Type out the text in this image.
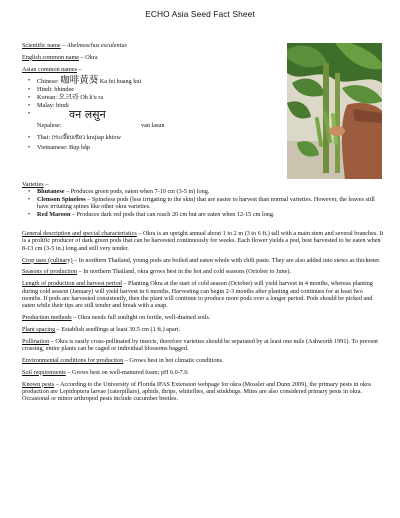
ECHO Asia Seed Fact Sheet
Scientific name – Abelmoschus esculentus
English common name – Okra
Asian common names –
• Chinese: 咖啡黄葵 Ka fei huang kui
• Hindi: bhindee
• Korean: 오크라 Oh k'u ra
• Malay: bindi
• Nepalese:
वन लसुन
van lasun
• Thai: กระเจี๊ยบเขียว krajiap khiow
• Vietnamese: Bụp bắp
Varieties –
• Bhutanese – Produces green pods, eaten when 7-10 cm (3-5 in) long.
• Clemson Spineless – Spineless pods (less irrigating to the skin) that are easier to harvest than normal varieties. However, the leaves still have irritating spines like other okra varieties.
• Red Maroon – Produces dark red pods that can reach 20 cm but are eaten when 12-15 cm long.
General description and special characteristics – Okra is an upright annual about 1 to 2 m (3 to 6 ft.) tall with a main stem and several branches. It is a prolific producer of dark green pods that can be harvested continuously for weeks. Each flower yields a pod, best harvested to be eaten when 8-13 cm (3-5 in.) long and still very tender.
Crop uses (culinary) – In northern Thailand, young pods are boiled and eaten whole with chili paste. They are also added into stews as thickener.
Seasons of production – In northern Thailand, okra grows best in the hot and cold seasons (October to June).
Length of production and harvest period – Planting Okra at the start of cold season (October) will yield harvest in 4 months, whereas planting during cold season (January) will yield harvest in 6 months. Harvesting can begin 2-3 months after planting and continues for at least two months. If pods are harvested consistently, then the plant will continue to produce more pods over a longer period. Pods should be picked and eaten while their tips are still tender and break with a snap.
Production methods – Okra needs full sunlight on fertile, well-drained soils.
Plant spacing – Establish seedlings at least 30.5 cm (1 ft.) apart.
Pollination – Okra is easily cross-pollinated by insects, therefore varieties should be separated by at least one mile (Ashworth 1991). To prevent crossing, entire plants can be caged or individual blossoms bagged.
Environmental conditions for production – Grows best in hot climatic conditions.
Soil requirements – Grows best on well-manured loam; pH 6.0-7.0.
Known pests – According to the University of Florida IFAS Extension webpage for okra (Mossler and Dunn 2009), the primary pests in okra production are Lepidoptera larvae (caterpillars), aphids, thrips, whiteflies, and stinkbugs. Mites are also considered primary pests in okra. Occasional or minor arthropod pests include cucumber beetles.
